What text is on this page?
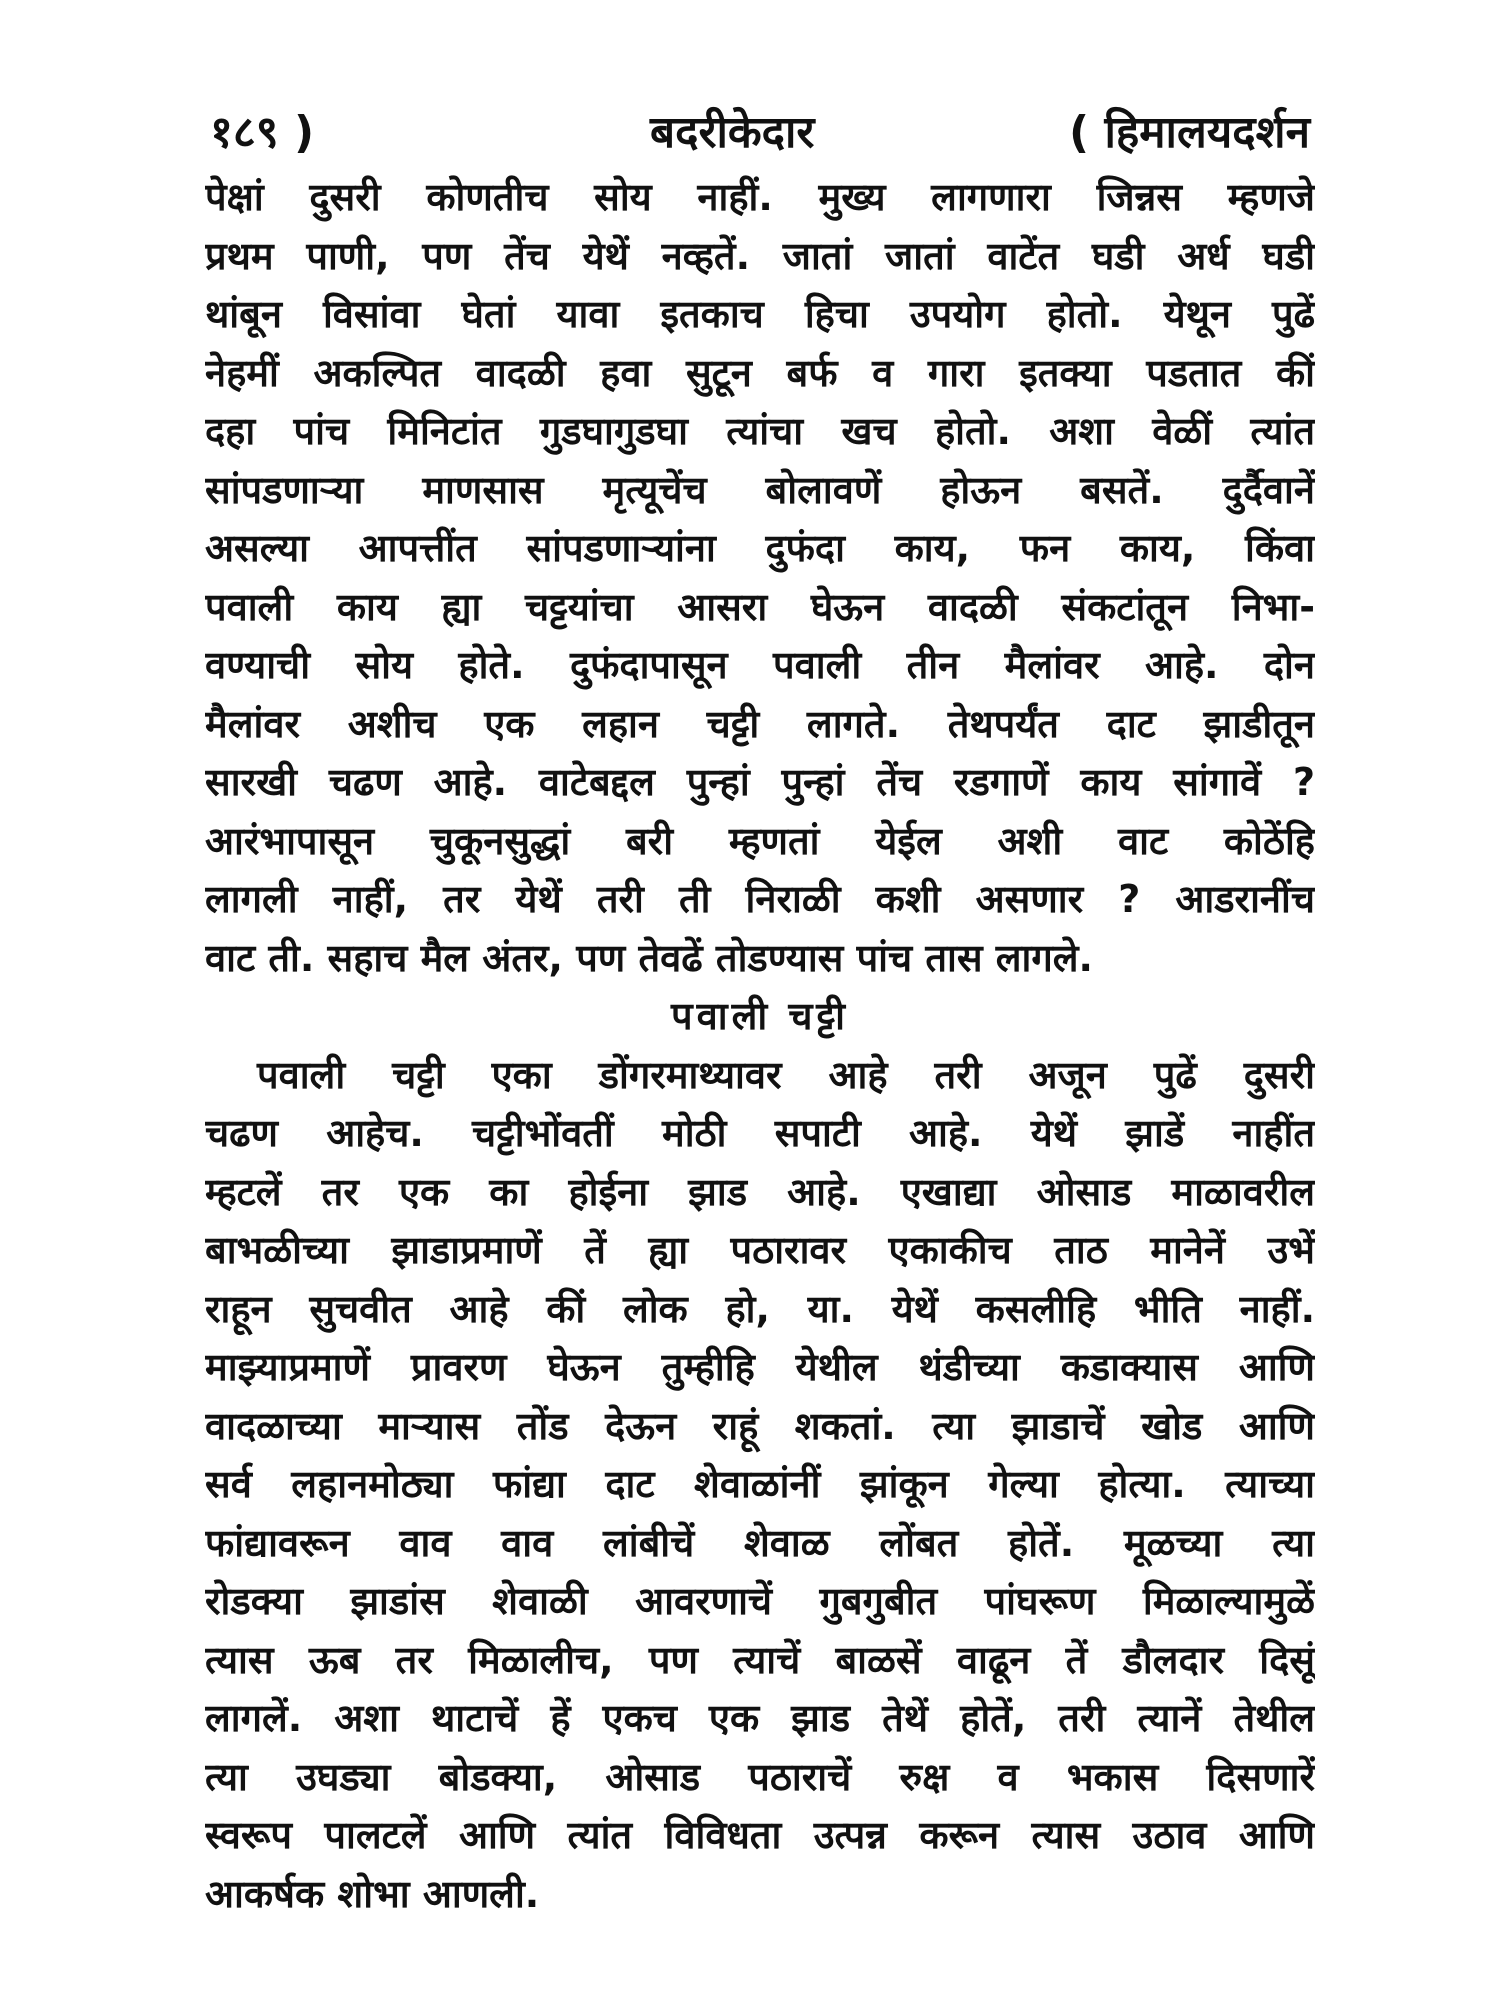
१८९ )	बदरीकेदार	( हिमालयदर्शन
पेक्षां दुसरी कोणतीच सोय नाहीं. मुख्य लागणारा जिन्नस म्हणजे
प्रथम पाणी, पण तेंच येथें नव्हतें. जातां जातां वाटेंत घडी अर्ध घडी
थांबून विसांवा घेतां यावा इतकाच हिचा उपयोग होतो. येथून पुढें
नेहमीं अकल्पित वादळी हवा सुटून बर्फ व गारा इतक्या पडतात कीं
दहा पांच मिनिटांत गुडघागुडघा त्यांचा खच होतो. अशा वेळीं त्यांत
सांपडणाऱ्या माणसास मृत्यूचेंच बोलावणें होऊन बसतें. दुर्दैवानें
असल्या आपत्तींत सांपडणाऱ्यांना दुफंदा काय, फन काय, किंवा
पवाली काय ह्या चट्टयांचा आसरा घेऊन वादळी संकटांतून निभा-
वण्याची सोय होते. दुफंदापासून पवाली तीन मैलांवर आहे. दोन
मैलांवर अशीच एक लहान चट्टी लागते. तेथपर्यंत दाट झाडीतून
सारखी चढण आहे. वाटेबद्दल पुन्हां पुन्हां तेंच रडगाणें काय सांगावें ?
आरंभापासून चुकूनसुद्धां बरी म्हणतां येईल अशी वाट कोठेंहि
लागली नाहीं, तर येथें तरी ती निराळी कशी असणार ? आडरानींच
वाट ती. सहाच मैल अंतर, पण तेवढें तोडण्यास पांच तास लागले.
पवाली चट्टी
पवाली चट्टी एका डोंगरमाथ्यावर आहे तरी अजून पुढें दुसरी
चढण आहेच. चट्टीभोंवतीं मोठी सपाटी आहे. येथें झाडें नाहींत
म्हटलें तर एक का होईना झाड आहे. एखाद्या ओसाड माळावरील
बाभळीच्या झाडाप्रमाणें तें ह्या पठारावर एकाकीच ताठ मानेनें उभें
राहून सुचवीत आहे कीं लोक हो, या. येथें कसलीहि भीति नाहीं.
माझ्याप्रमाणें प्रावरण घेऊन तुम्हीहि येथील थंडीच्या कडाक्यास आणि
वादळाच्या माऱ्यास तोंड देऊन राहूं शकतां. त्या झाडाचें खोड आणि
सर्व लहानमोठ्या फांद्या दाट शेवाळांनीं झांकून गेल्या होत्या. त्याच्या
फांद्यावरून वाव वाव लांबीचें शेवाळ लोंबत होतें. मूळच्या त्या
रोडक्या झाडांस शेवाळी आवरणाचें गुबगुबीत पांघरूण मिळाल्यामुळें
त्यास ऊब तर मिळालीच, पण त्याचें बाळसें वाढून तें डौलदार दिसूं
लागलें. अशा थाटाचें हें एकच एक झाड तेथें होतें, तरी त्यानें तेथील
त्या उघड्या बोडक्या, ओसाड पठाराचें रुक्ष व भकास दिसणारें
स्वरूप पालटलें आणि त्यांत विविधता उत्पन्न करून त्यास उठाव आणि
आकर्षक शोभा आणली.
